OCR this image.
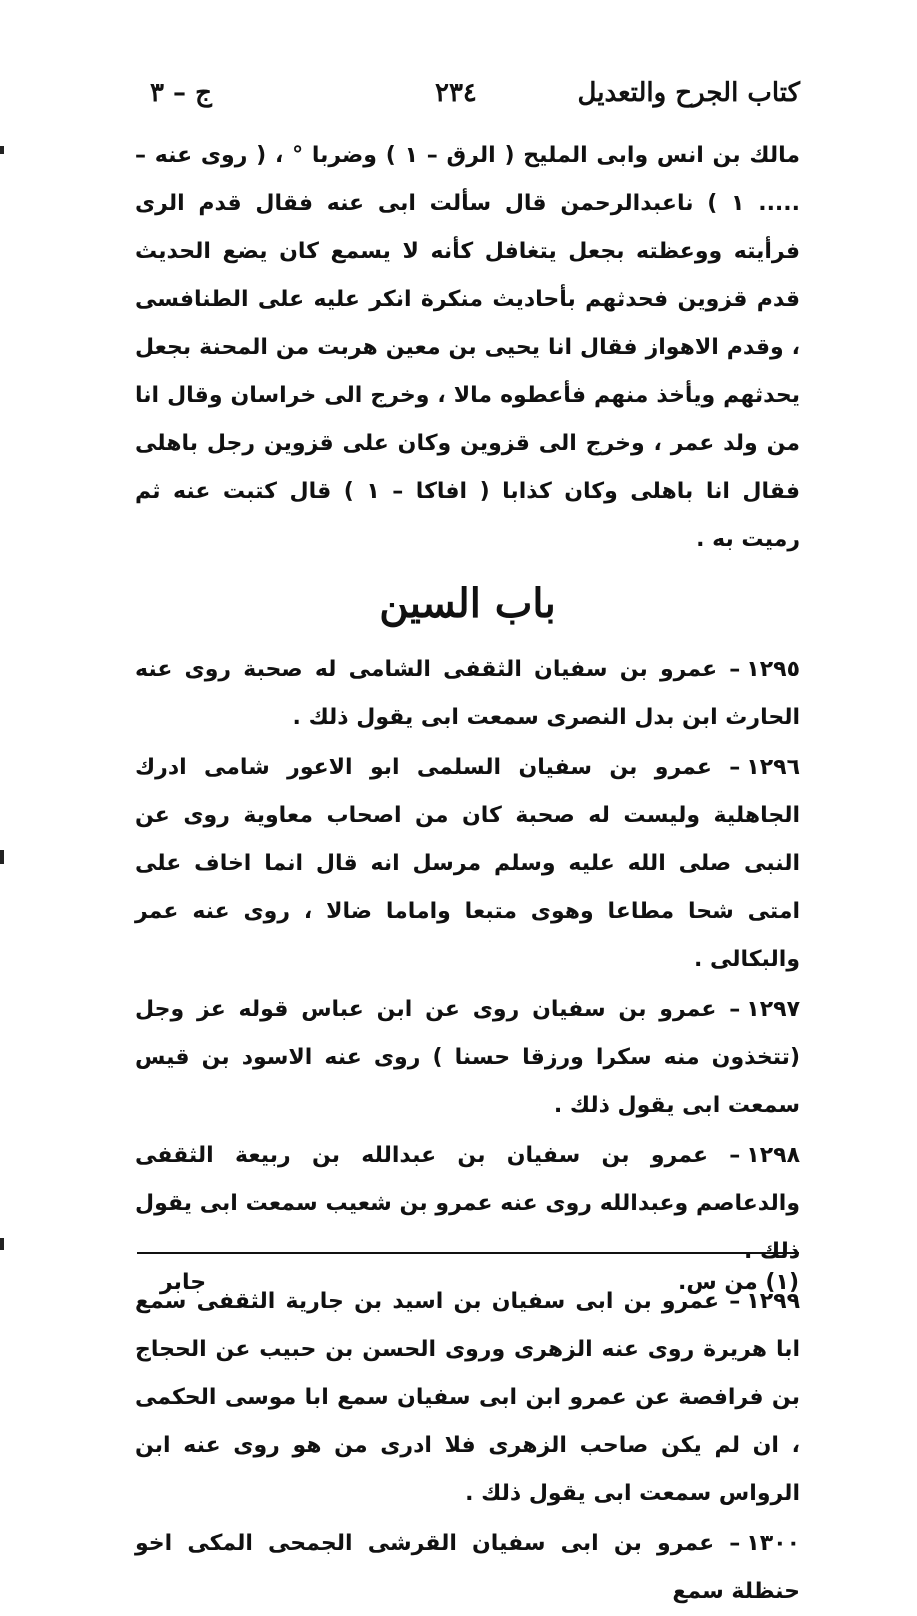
كتاب الجرح والتعديل
٢٣٤
ج – ٣

مالك بن انس وابى المليح ( الرق – ١ ) وضربا ° ، ( روى عنه – ..... ١ ) ناعبدالرحمن قال سألت ابى عنه فقال قدم الرى فرأيته ووعظته بجعل يتغافل كأنه لا يسمع كان يضع الحديث قدم قزوين فحدثهم بأحاديث منكرة انكر عليه على الطنافسى ، وقدم الاهواز فقال انا يحيى بن معين هربت من المحنة بجعل يحدثهم ويأخذ منهم فأعطوه مالا ، وخرج الى خراسان وقال انا من ولد عمر ، وخرج الى قزوين وكان على قزوين رجل باهلى فقال انا باهلى وكان كذابا ( افاكا – ١ ) قال كتبت عنه ثم رميت به .

باب السين

١٢٩٥– عمرو بن سفيان الثقفى الشامى له صحبة روى عنه الحارث ابن بدل النصرى سمعت ابى يقول ذلك .

١٢٩٦– عمرو بن سفيان السلمى ابو الاعور شامى ادرك الجاهلية وليست له صحبة كان من اصحاب معاوية روى عن النبى صلى الله عليه وسلم مرسل انه قال انما اخاف على امتى شحا مطاعا وهوى متبعا واماما ضالا ، روى عنه عمر والبكالى .

١٢٩٧– عمرو بن سفيان روى عن ابن عباس قوله عز وجل (تتخذون منه سكرا ورزقا حسنا ) روى عنه الاسود بن قيس سمعت ابى يقول ذلك .

١٢٩٨– عمرو بن سفيان بن عبدالله بن ربيعة الثقفى والدعاصم وعبدالله روى عنه عمرو بن شعيب سمعت ابى يقول ذلك .

١٢٩٩– عمرو بن ابى سفيان بن اسيد بن جارية الثقفى سمع ابا هريرة روى عنه الزهرى وروى الحسن بن حبيب عن الحجاج بن فرافصة عن عمرو ابن ابى سفيان سمع ابا موسى الحكمى ، ان لم يكن صاحب الزهرى فلا ادرى من هو روى عنه ابن الرواس سمعت ابى يقول ذلك .

١٣٠٠– عمرو بن ابى سفيان القرشى الجمحى المكى اخو حنظلة سمع

(١) من س.
جابر
